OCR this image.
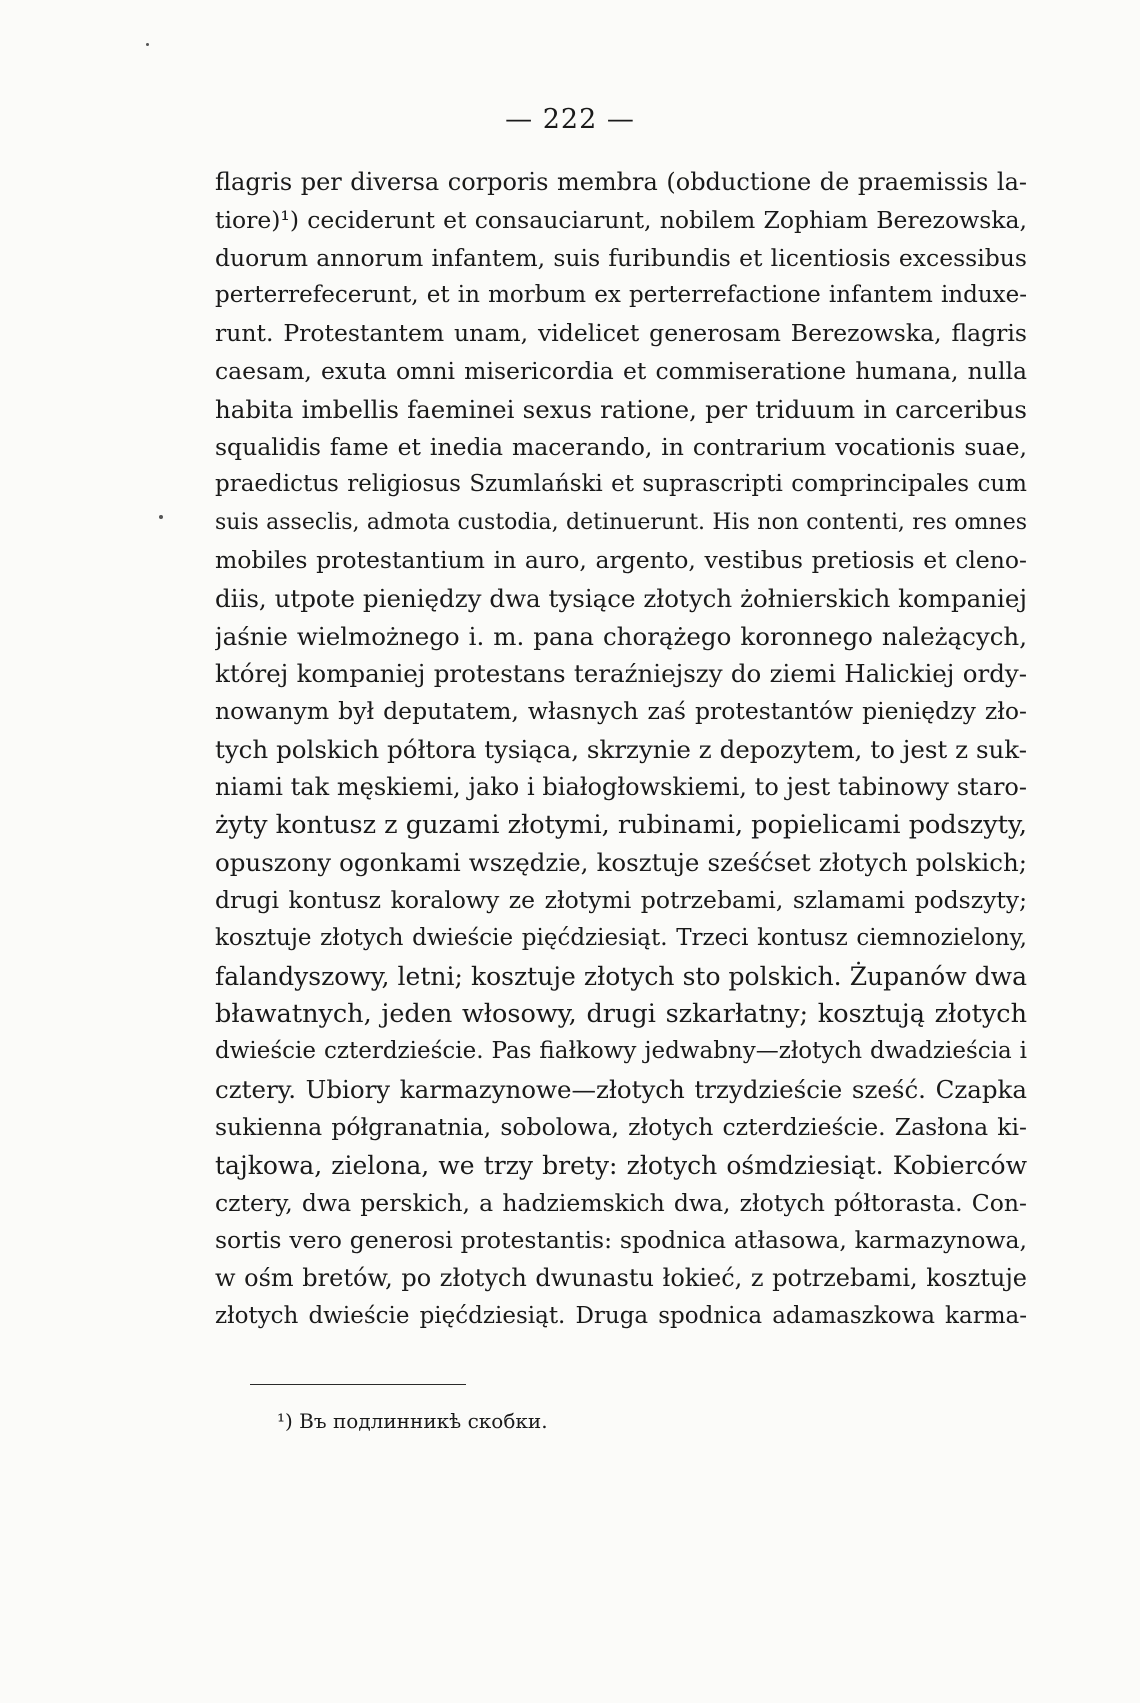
— 222 —
flagris per diversa corporis membra (obductione de praemissis la-
tiore)¹) ceciderunt et consauciarunt, nobilem Zophiam Berezowska,
duorum annorum infantem, suis furibundis et licentiosis excessibus
perterrefecerunt, et in morbum ex perterrefactione infantem induxe-
runt. Protestantem unam, videlicet generosam Berezowska, flagris
caesam, exuta omni misericordia et commiseratione humana, nulla
habita imbellis faeminei sexus ratione, per triduum in carceribus
squalidis fame et inedia macerando, in contrarium vocationis suae,
praedictus religiosus Szumlański et suprascripti comprincipales cum
suis asseclis, admota custodia, detinuerunt. His non contenti, res omnes
mobiles protestantium in auro, argento, vestibus pretiosis et cleno-
diis, utpote pieniędzy dwa tysiące złotych żołnierskich kompaniej
jaśnie wielmożnego i. m. pana chorążego koronnego należących,
której kompaniej protestans teraźniejszy do ziemi Halickiej ordy-
nowanym był deputatem, własnych zaś protestantów pieniędzy zło-
tych polskich półtora tysiąca, skrzynie z depozytem, to jest z suk-
niami tak męskiemi, jako i białogłowskiemi, to jest tabinowy staro-
żyty kontusz z guzami złotymi, rubinami, popielicami podszyty,
opuszony ogonkami wszędzie, kosztuje sześćset złotych polskich;
drugi kontusz koralowy ze złotymi potrzebami, szlamami podszyty;
kosztuje złotych dwieście pięćdziesiąt. Trzeci kontusz ciemnozielony,
falandyszowy, letni; kosztuje złotych sto polskich. Żupanów dwa
bławatnych, jeden włosowy, drugi szkarłatny; kosztują złotych
dwieście czterdzieście. Pas fiałkowy jedwabny—złotych dwadzieścia i
cztery. Ubiory karmazynowe—złotych trzydzieście sześć. Czapka
sukienna półgranatnia, sobolowa, złotych czterdzieście. Zasłona ki-
tajkowa, zielona, we trzy brety: złotych ośmdziesiąt. Kobierców
cztery, dwa perskich, a hadziemskich dwa, złotych półtorasta. Con-
sortis vero generosi protestantis: spodnica atłasowa, karmazynowa,
w ośm bretów, po złotych dwunastu łokieć, z potrzebami, kosztuje
złotych dwieście pięćdziesiąt. Druga spodnica adamaszkowa karma-
¹) Въ подлинникѣ скобки.
